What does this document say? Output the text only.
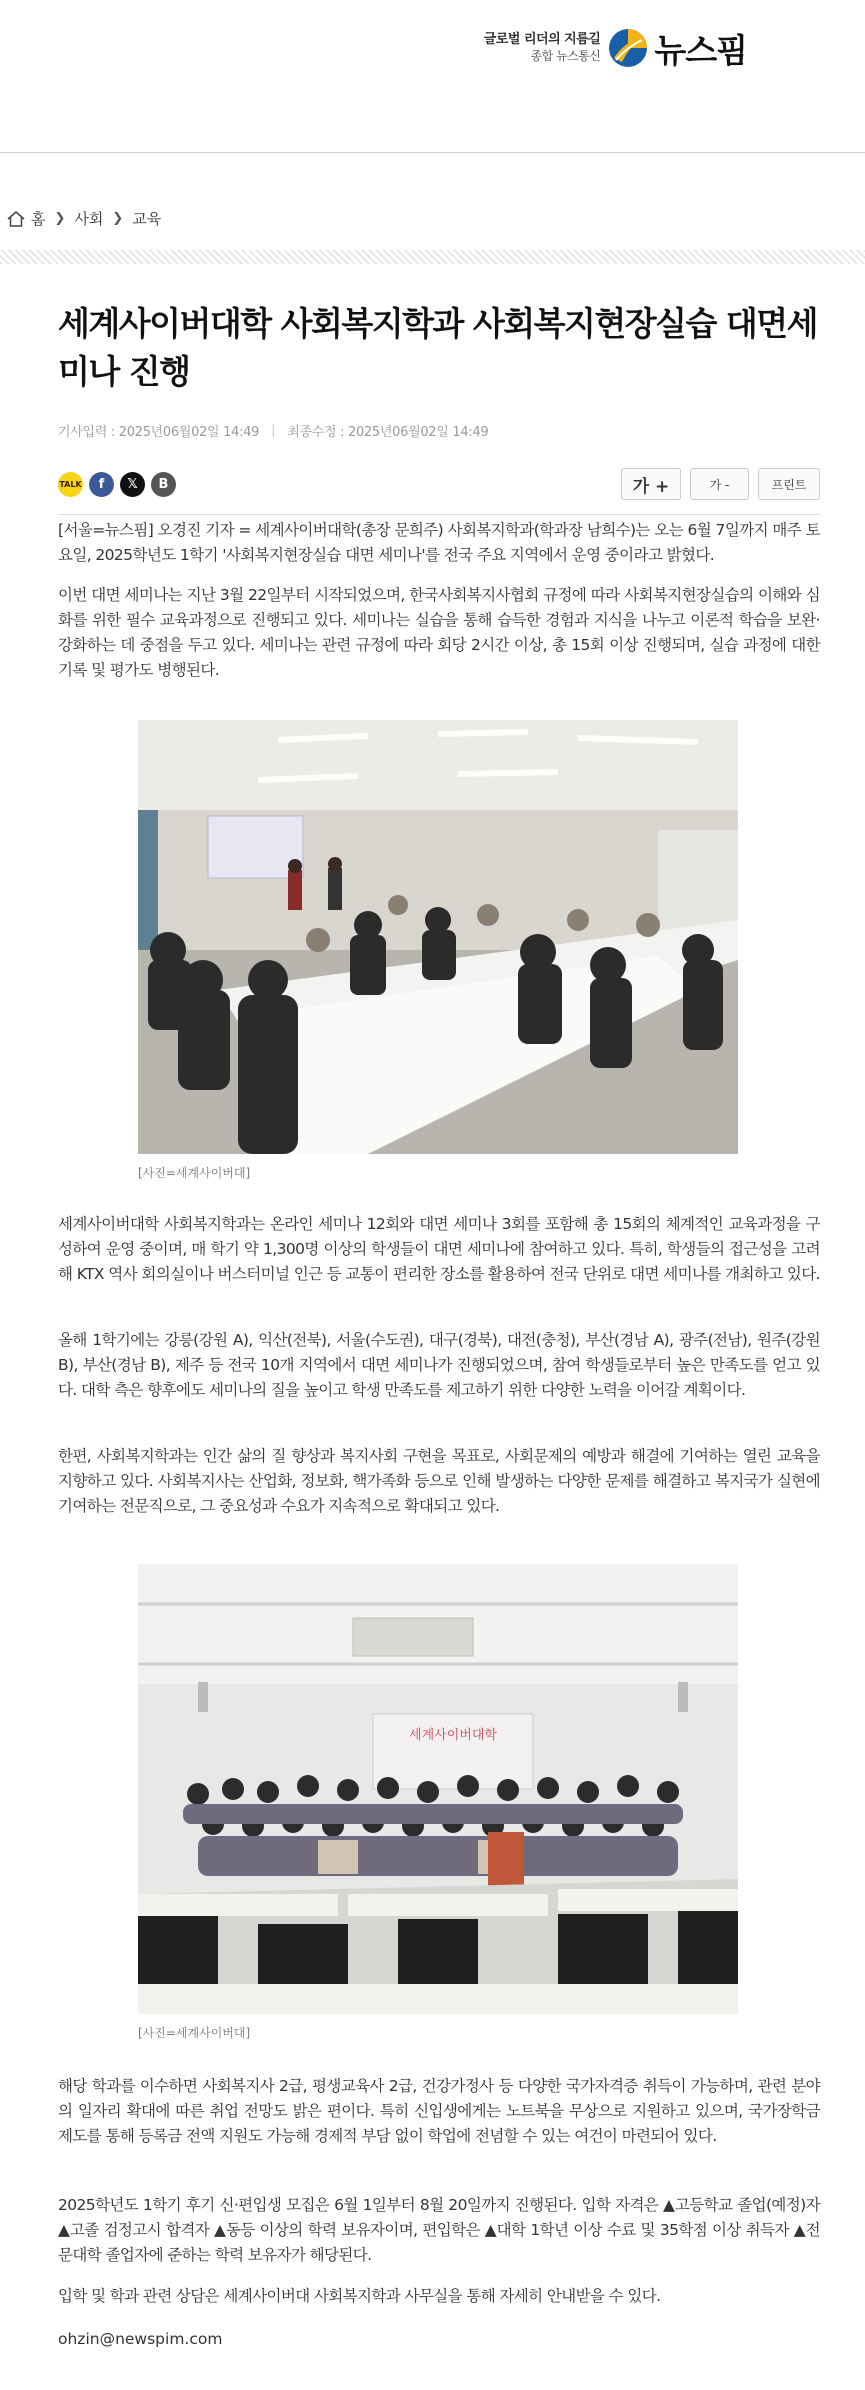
글로벌 리더의 지름길
종합 뉴스통신 뉴스핌
홈 ❯ 사회 ❯ 교육
세계사이버대학 사회복지학과 사회복지현장실습 대면세미나 진행
기사입력 : 2025년06월02일 14:49 | 최종수정 : 2025년06월02일 14:49
TALK	f	𝕏	B	가 +	가 -	프린트

[서울=뉴스핌] 오경진 기자 = 세계사이버대학(총장 문희주) 사회복지학과(학과장 남희수)는 오는 6월 7일까지 매주 토요일, 2025학년도 1학기 '사회복지현장실습 대면 세미나'를 전국 주요 지역에서 운영 중이라고 밝혔다.

이번 대면 세미나는 지난 3월 22일부터 시작되었으며, 한국사회복지사협회 규정에 따라 사회복지현장실습의 이해와 심화를 위한 필수 교육과정으로 진행되고 있다. 세미나는 실습을 통해 습득한 경험과 지식을 나누고 이론적 학습을 보완·강화하는 데 중점을 두고 있다. 세미나는 관련 규정에 따라 회당 2시간 이상, 총 15회 이상 진행되며, 실습 과정에 대한 기록 및 평가도 병행된다.

[사진=세계사이버대]

세계사이버대학 사회복지학과는 온라인 세미나 12회와 대면 세미나 3회를 포함해 총 15회의 체계적인 교육과정을 구성하여 운영 중이며, 매 학기 약 1,300명 이상의 학생들이 대면 세미나에 참여하고 있다. 특히, 학생들의 접근성을 고려해 KTX 역사 회의실이나 버스터미널 인근 등 교통이 편리한 장소를 활용하여 전국 단위로 대면 세미나를 개최하고 있다.

올해 1학기에는 강릉(강원 A), 익산(전북), 서울(수도권), 대구(경북), 대전(충청), 부산(경남 A), 광주(전남), 원주(강원 B), 부산(경남 B), 제주 등 전국 10개 지역에서 대면 세미나가 진행되었으며, 참여 학생들로부터 높은 만족도를 얻고 있다. 대학 측은 향후에도 세미나의 질을 높이고 학생 만족도를 제고하기 위한 다양한 노력을 이어갈 계획이다.

한편, 사회복지학과는 인간 삶의 질 향상과 복지사회 구현을 목표로, 사회문제의 예방과 해결에 기여하는 열린 교육을 지향하고 있다. 사회복지사는 산업화, 정보화, 핵가족화 등으로 인해 발생하는 다양한 문제를 해결하고 복지국가 실현에 기여하는 전문직으로, 그 중요성과 수요가 지속적으로 확대되고 있다.

세계사이버대학
[사진=세계사이버대]

해당 학과를 이수하면 사회복지사 2급, 평생교육사 2급, 건강가정사 등 다양한 국가자격증 취득이 가능하며, 관련 분야의 일자리 확대에 따른 취업 전망도 밝은 편이다. 특히 신입생에게는 노트북을 무상으로 지원하고 있으며, 국가장학금 제도를 통해 등록금 전액 지원도 가능해 경제적 부담 없이 학업에 전념할 수 있는 여건이 마련되어 있다.

2025학년도 1학기 후기 신·편입생 모집은 6월 1일부터 8월 20일까지 진행된다. 입학 자격은 ▲고등학교 졸업(예정)자 ▲고졸 검정고시 합격자 ▲동등 이상의 학력 보유자이며, 편입학은 ▲대학 1학년 이상 수료 및 35학점 이상 취득자 ▲전문대학 졸업자에 준하는 학력 보유자가 해당된다.

입학 및 학과 관련 상담은 세계사이버대 사회복지학과 사무실을 통해 자세히 안내받을 수 있다.

ohzin@newspim.com
